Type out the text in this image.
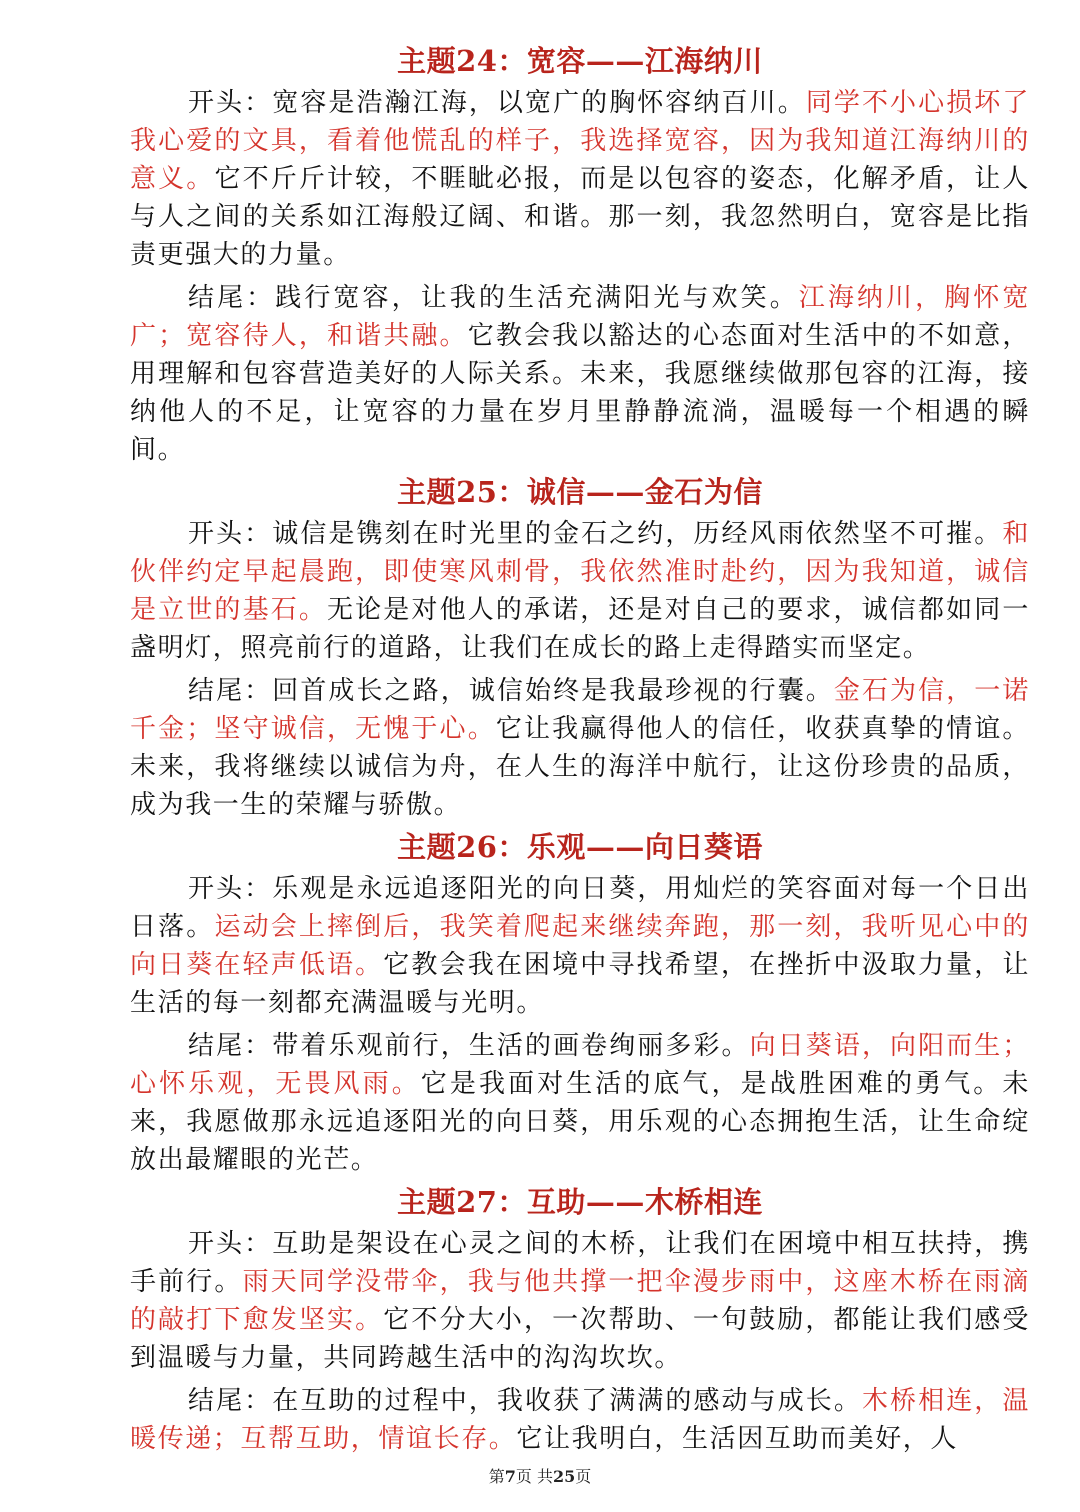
主题24：宽容——江海纳川

开头：宽容是浩瀚江海，以宽广的胸怀容纳百川。同学不小心损坏了我心爱的文具，看着他慌乱的样子，我选择宽容，因为我知道江海纳川的意义。它不斤斤计较，不睚眦必报，而是以包容的姿态，化解矛盾，让人与人之间的关系如江海般辽阔、和谐。那一刻，我忽然明白，宽容是比指责更强大的力量。

结尾：践行宽容，让我的生活充满阳光与欢笑。江海纳川，胸怀宽广；宽容待人，和谐共融。它教会我以豁达的心态面对生活中的不如意，用理解和包容营造美好的人际关系。未来，我愿继续做那包容的江海，接纳他人的不足，让宽容的力量在岁月里静静流淌，温暖每一个相遇的瞬间。

主题25：诚信——金石为信

开头：诚信是镌刻在时光里的金石之约，历经风雨依然坚不可摧。和伙伴约定早起晨跑，即使寒风刺骨，我依然准时赴约，因为我知道，诚信是立世的基石。无论是对他人的承诺，还是对自己的要求，诚信都如同一盏明灯，照亮前行的道路，让我们在成长的路上走得踏实而坚定。

结尾：回首成长之路，诚信始终是我最珍视的行囊。金石为信，一诺千金；坚守诚信，无愧于心。它让我赢得他人的信任，收获真挚的情谊。未来，我将继续以诚信为舟，在人生的海洋中航行，让这份珍贵的品质，成为我一生的荣耀与骄傲。

主题26：乐观——向日葵语

开头：乐观是永远追逐阳光的向日葵，用灿烂的笑容面对每一个日出日落。运动会上摔倒后，我笑着爬起来继续奔跑，那一刻，我听见心中的向日葵在轻声低语。它教会我在困境中寻找希望，在挫折中汲取力量，让生活的每一刻都充满温暖与光明。

结尾：带着乐观前行，生活的画卷绚丽多彩。向日葵语，向阳而生；心怀乐观，无畏风雨。它是我面对生活的底气，是战胜困难的勇气。未来，我愿做那永远追逐阳光的向日葵，用乐观的心态拥抱生活，让生命绽放出最耀眼的光芒。

主题27：互助——木桥相连

开头：互助是架设在心灵之间的木桥，让我们在困境中相互扶持，携手前行。雨天同学没带伞，我与他共撑一把伞漫步雨中，这座木桥在雨滴的敲打下愈发坚实。它不分大小，一次帮助、一句鼓励，都能让我们感受到温暖与力量，共同跨越生活中的沟沟坎坎。

结尾：在互助的过程中，我收获了满满的感动与成长。木桥相连，温暖传递；互帮互助，情谊长存。它让我明白，生活因互助而美好，人

第7页 共25页
